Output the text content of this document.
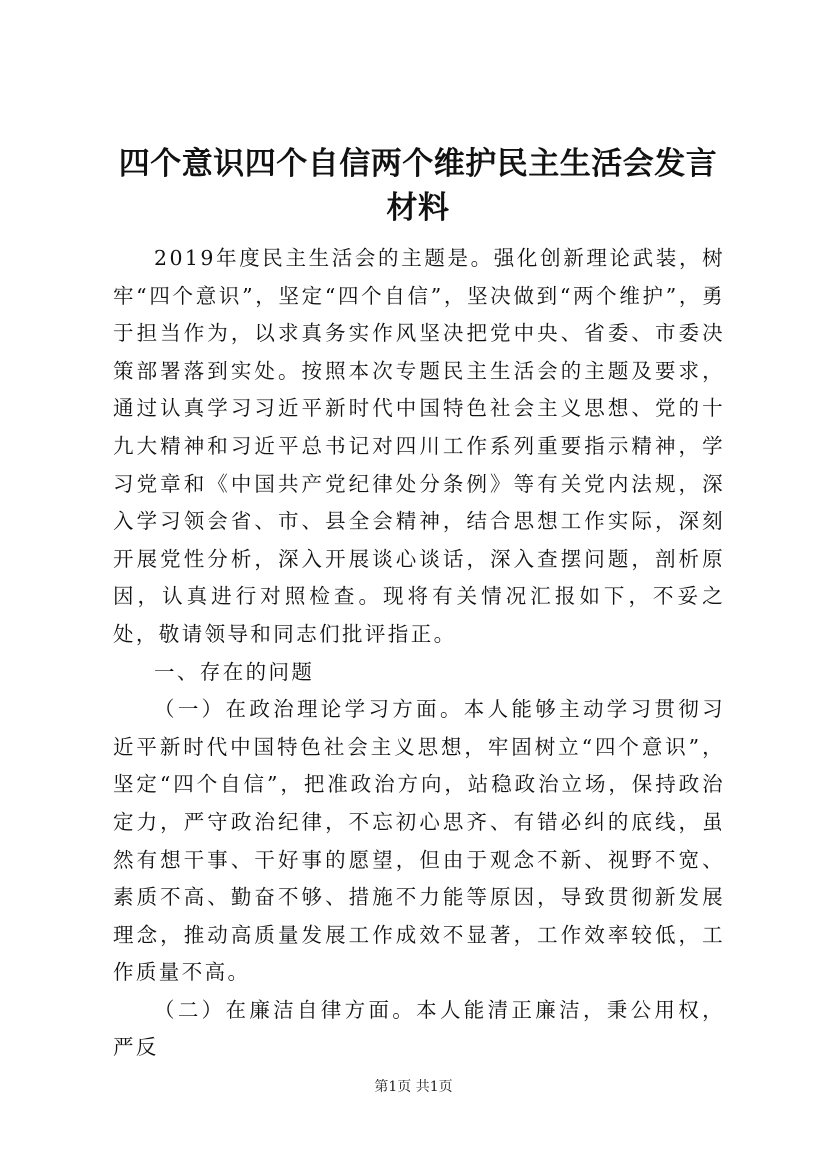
四个意识四个自信两个维护民主生活会发言材料

2019年度民主生活会的主题是。强化创新理论武装，树牢“四个意识”，坚定“四个自信”，坚决做到“两个维护”，勇于担当作为，以求真务实作风坚决把党中央、省委、市委决策部署落到实处。按照本次专题民主生活会的主题及要求，通过认真学习习近平新时代中国特色社会主义思想、党的十九大精神和习近平总书记对四川工作系列重要指示精神，学习党章和《中国共产党纪律处分条例》等有关党内法规，深入学习领会省、市、县全会精神，结合思想工作实际，深刻开展党性分析，深入开展谈心谈话，深入查摆问题，剖析原因，认真进行对照检查。现将有关情况汇报如下，不妥之处，敬请领导和同志们批评指正。

一、存在的问题

（一）在政治理论学习方面。本人能够主动学习贯彻习近平新时代中国特色社会主义思想，牢固树立“四个意识”，坚定“四个自信”，把准政治方向，站稳政治立场，保持政治定力，严守政治纪律，不忘初心思齐、有错必纠的底线，虽然有想干事、干好事的愿望，但由于观念不新、视野不宽、素质不高、勤奋不够、措施不力能等原因，导致贯彻新发展理念，推动高质量发展工作成效不显著，工作效率较低，工作质量不高。

（二）在廉洁自律方面。本人能清正廉洁，秉公用权，严反

第1页 共1页
